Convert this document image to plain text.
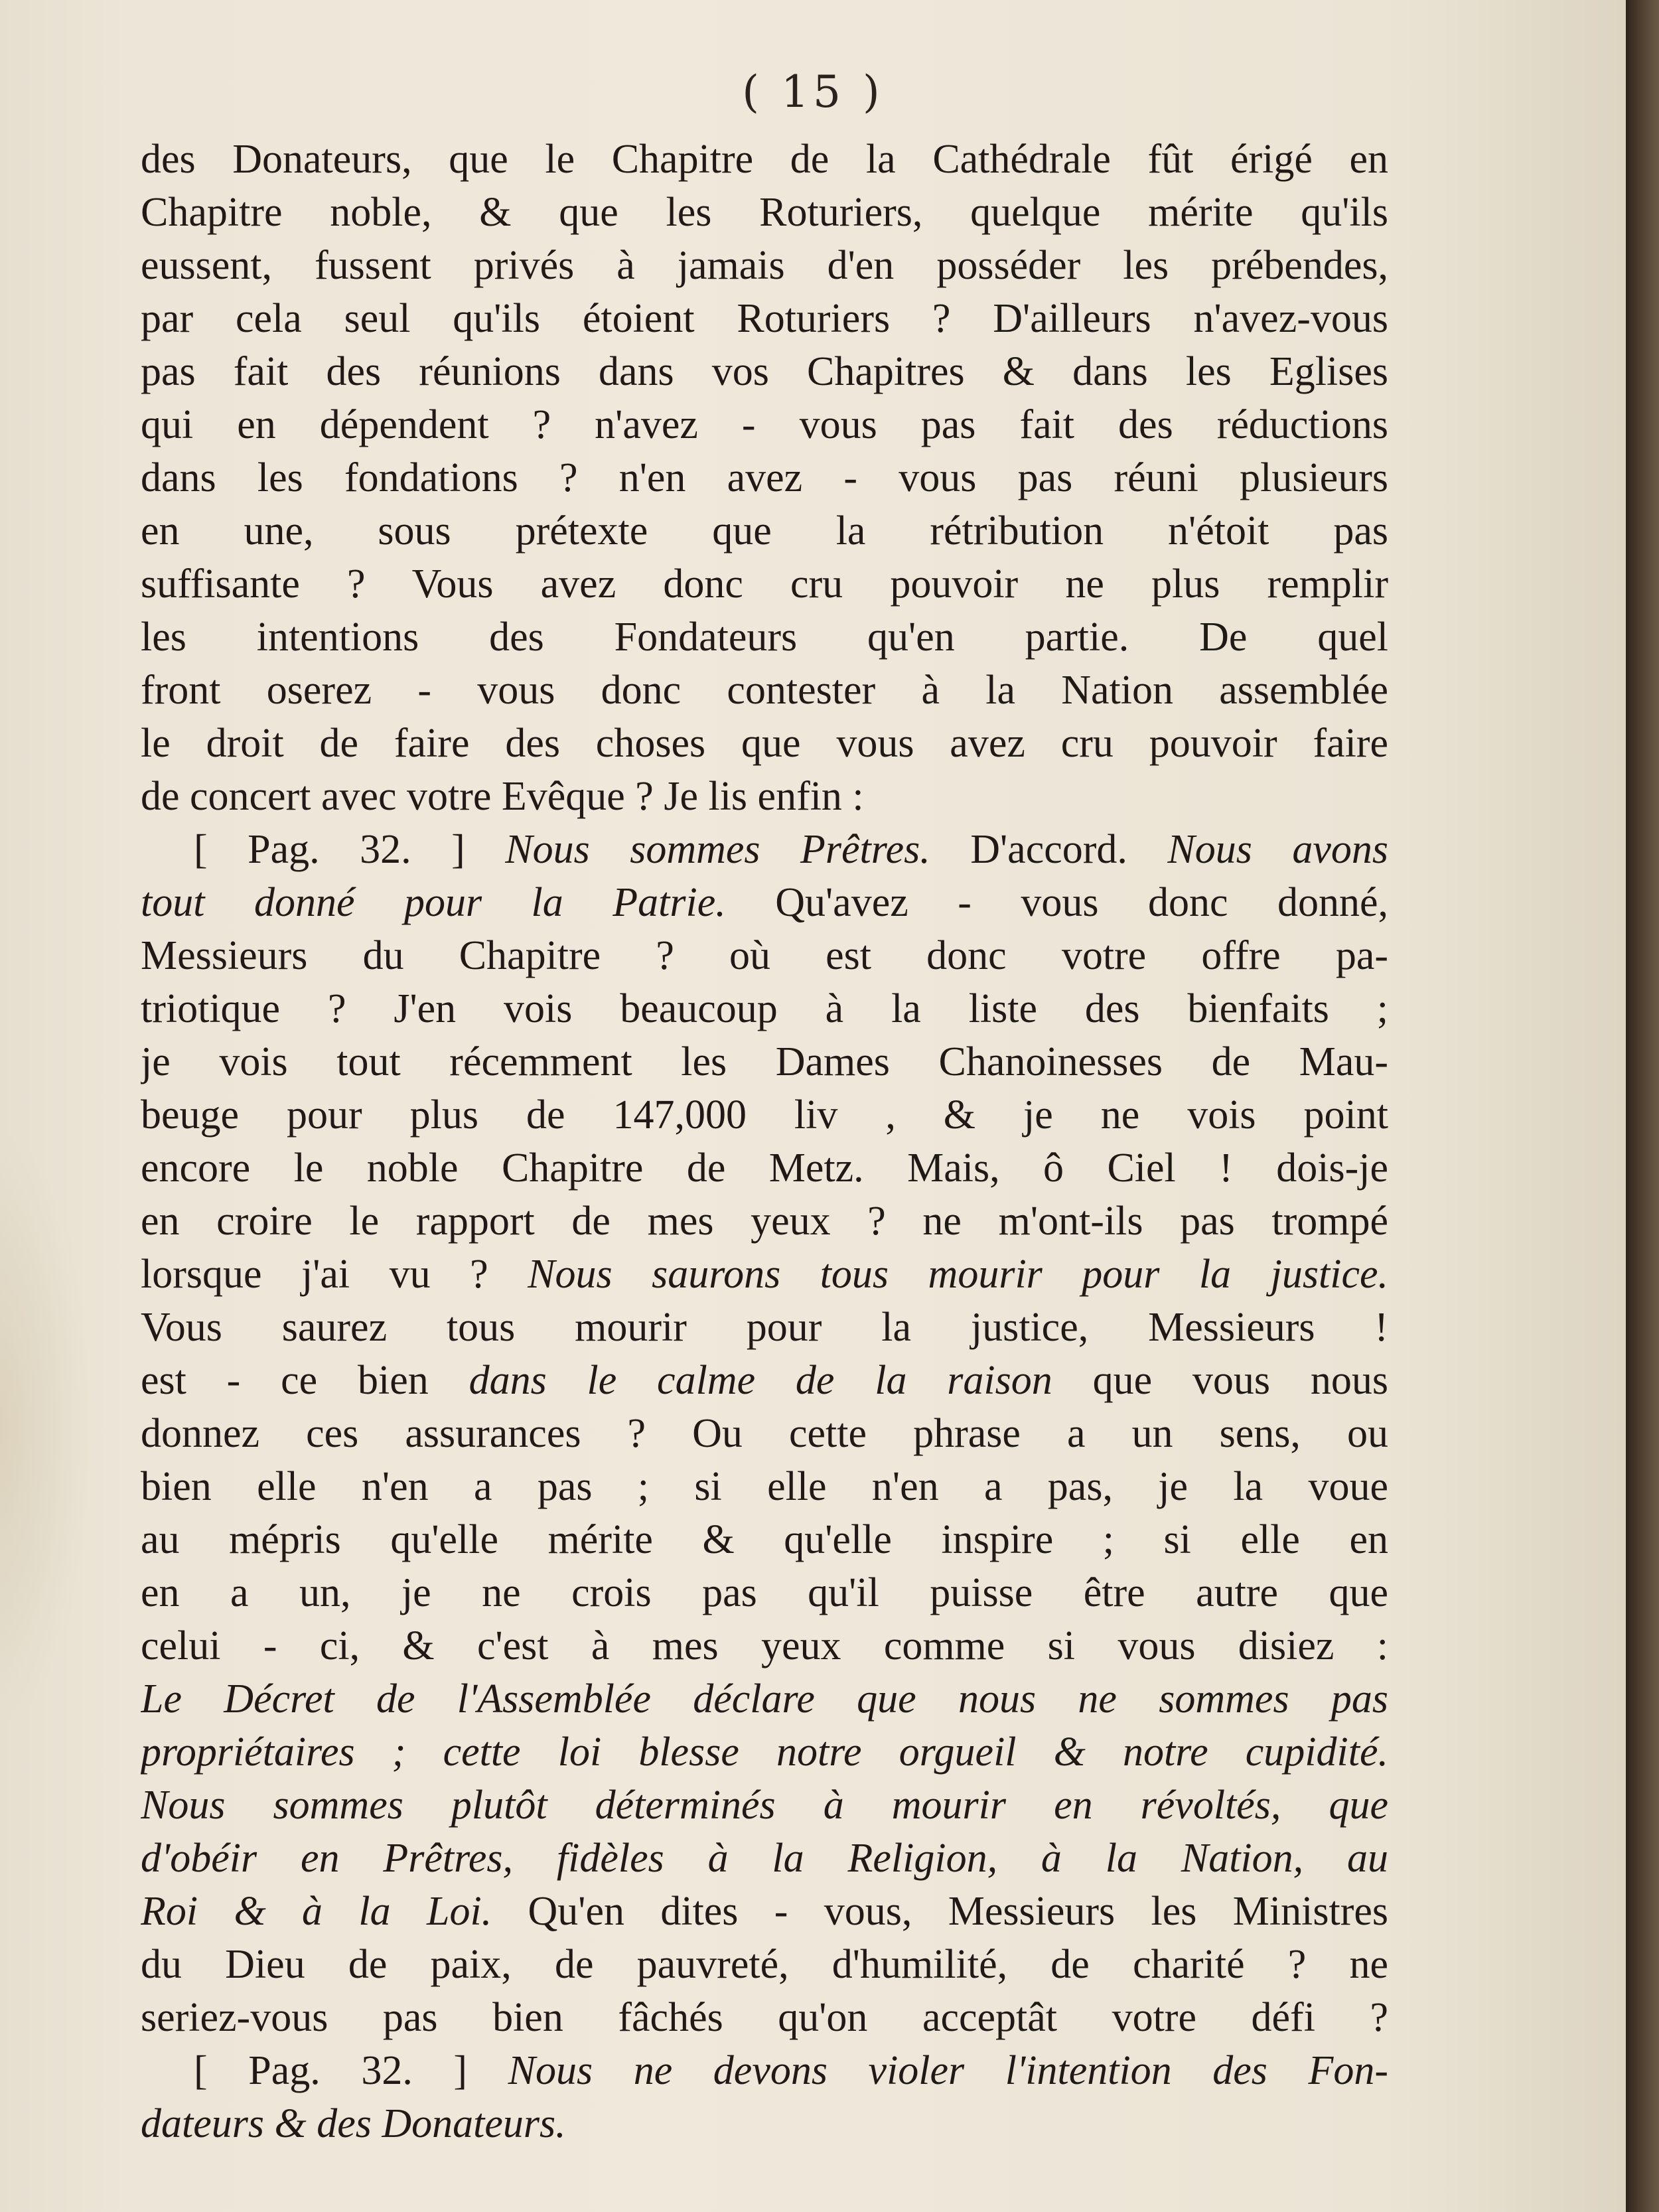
( 15 )
des Donateurs, que le Chapitre de la Cathédrale fût érigé en
Chapitre noble, & que les Roturiers, quelque mérite qu'ils
eussent, fussent privés à jamais d'en posséder les prébendes,
par cela seul qu'ils étoient Roturiers ? D'ailleurs n'avez-vous
pas fait des réunions dans vos Chapitres & dans les Eglises
qui en dépendent ? n'avez - vous pas fait des réductions
dans les fondations ? n'en avez - vous pas réuni plusieurs
en une, sous prétexte que la rétribution n'étoit pas
suffisante ? Vous avez donc cru pouvoir ne plus remplir
les intentions des Fondateurs qu'en partie. De quel
front oserez - vous donc contester à la Nation assemblée
le droit de faire des choses que vous avez cru pouvoir faire
de concert avec votre Evêque ? Je lis enfin :
[ Pag. 32. ] Nous sommes Prêtres. D'accord. Nous avons
tout donné pour la Patrie. Qu'avez - vous donc donné,
Messieurs du Chapitre ? où est donc votre offre pa-
triotique ? J'en vois beaucoup à la liste des bienfaits ;
je vois tout récemment les Dames Chanoinesses de Mau-
beuge pour plus de 147,000 liv , & je ne vois point
encore le noble Chapitre de Metz. Mais, ô Ciel ! dois-je
en croire le rapport de mes yeux ? ne m'ont-ils pas trompé
lorsque j'ai vu ? Nous saurons tous mourir pour la justice.
Vous saurez tous mourir pour la justice, Messieurs !
est - ce bien dans le calme de la raison que vous nous
donnez ces assurances ? Ou cette phrase a un sens, ou
bien elle n'en a pas ; si elle n'en a pas, je la voue
au mépris qu'elle mérite & qu'elle inspire ; si elle en
en a un, je ne crois pas qu'il puisse être autre que
celui - ci, & c'est à mes yeux comme si vous disiez :
Le Décret de l'Assemblée déclare que nous ne sommes pas
propriétaires ; cette loi blesse notre orgueil & notre cupidité.
Nous sommes plutôt déterminés à mourir en révoltés, que
d'obéir en Prêtres, fidèles à la Religion, à la Nation, au
Roi & à la Loi. Qu'en dites - vous, Messieurs les Ministres
du Dieu de paix, de pauvreté, d'humilité, de charité ? ne
seriez-vous pas bien fâchés qu'on acceptât votre défi ?
[ Pag. 32. ] Nous ne devons violer l'intention des Fon-
dateurs & des Donateurs.
